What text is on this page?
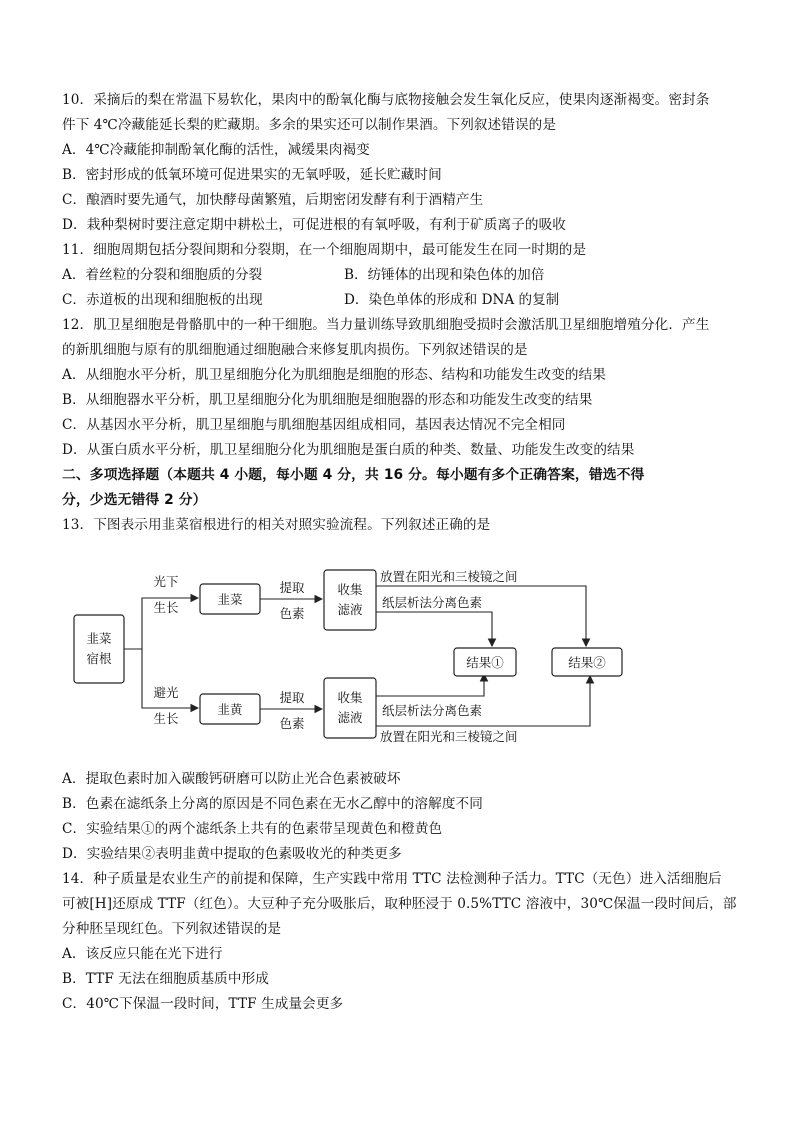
10．采摘后的梨在常温下易软化，果肉中的酚氧化酶与底物接触会发生氧化反应，使果肉逐渐褐变。密封条
件下 4℃冷藏能延长梨的贮藏期。多余的果实还可以制作果酒。下列叙述错误的是
A．4℃冷藏能抑制酚氧化酶的活性，减缓果肉褐变
B．密封形成的低氧环境可促进果实的无氧呼吸，延长贮藏时间
C．酿酒时要先通气，加快酵母菌繁殖，后期密闭发酵有利于酒精产生
D．栽种梨树时要注意定期中耕松土，可促进根的有氧呼吸，有利于矿质离子的吸收
11．细胞周期包括分裂间期和分裂期，在一个细胞周期中，最可能发生在同一时期的是
A．着丝粒的分裂和细胞质的分裂	B．纺锤体的出现和染色体的加倍
C．赤道板的出现和细胞板的出现	D．染色单体的形成和 DNA 的复制
12．肌卫星细胞是骨骼肌中的一种干细胞。当力量训练导致肌细胞受损时会激活肌卫星细胞增殖分化．产生
的新肌细胞与原有的肌细胞通过细胞融合来修复肌肉损伤。下列叙述错误的是
A．从细胞水平分析，肌卫星细胞分化为肌细胞是细胞的形态、结构和功能发生改变的结果
B．从细胞器水平分析，肌卫星细胞分化为肌细胞是细胞器的形态和功能发生改变的结果
C．从基因水平分析，肌卫星细胞与肌细胞基因组成相同，基因表达情况不完全相同
D．从蛋白质水平分析，肌卫星细胞分化为肌细胞是蛋白质的种类、数量、功能发生改变的结果
二、多项选择题（本题共 4 小题，每小题 4 分，共 16 分。每小题有多个正确答案，错选不得
分，少选无错得 2 分）
13．下图表示用韭菜宿根进行的相关对照实验流程。下列叙述正确的是
韭菜
宿根
光下
生长
避光
生长
韭菜
韭黄
提取
色素
提取
色素
收集
滤液
收集
滤液
放置在阳光和三棱镜之间
纸层析法分离色素
纸层析法分离色素
放置在阳光和三棱镜之间
结果①	结果②
A．提取色素时加入碳酸钙研磨可以防止光合色素被破坏
B．色素在滤纸条上分离的原因是不同色素在无水乙醇中的溶解度不同
C．实验结果①的两个滤纸条上共有的色素带呈现黄色和橙黄色
D．实验结果②表明韭黄中提取的色素吸收光的种类更多
14．种子质量是农业生产的前提和保障，生产实践中常用 TTC 法检测种子活力。TTC（无色）进入活细胞后
可被[H]还原成 TTF（红色）。大豆种子充分吸胀后，取种胚浸于 0.5%TTC 溶液中，30℃保温一段时间后，部
分种胚呈现红色。下列叙述错误的是
A．该反应只能在光下进行
B．TTF 无法在细胞质基质中形成
C．40℃下保温一段时间，TTF 生成量会更多
